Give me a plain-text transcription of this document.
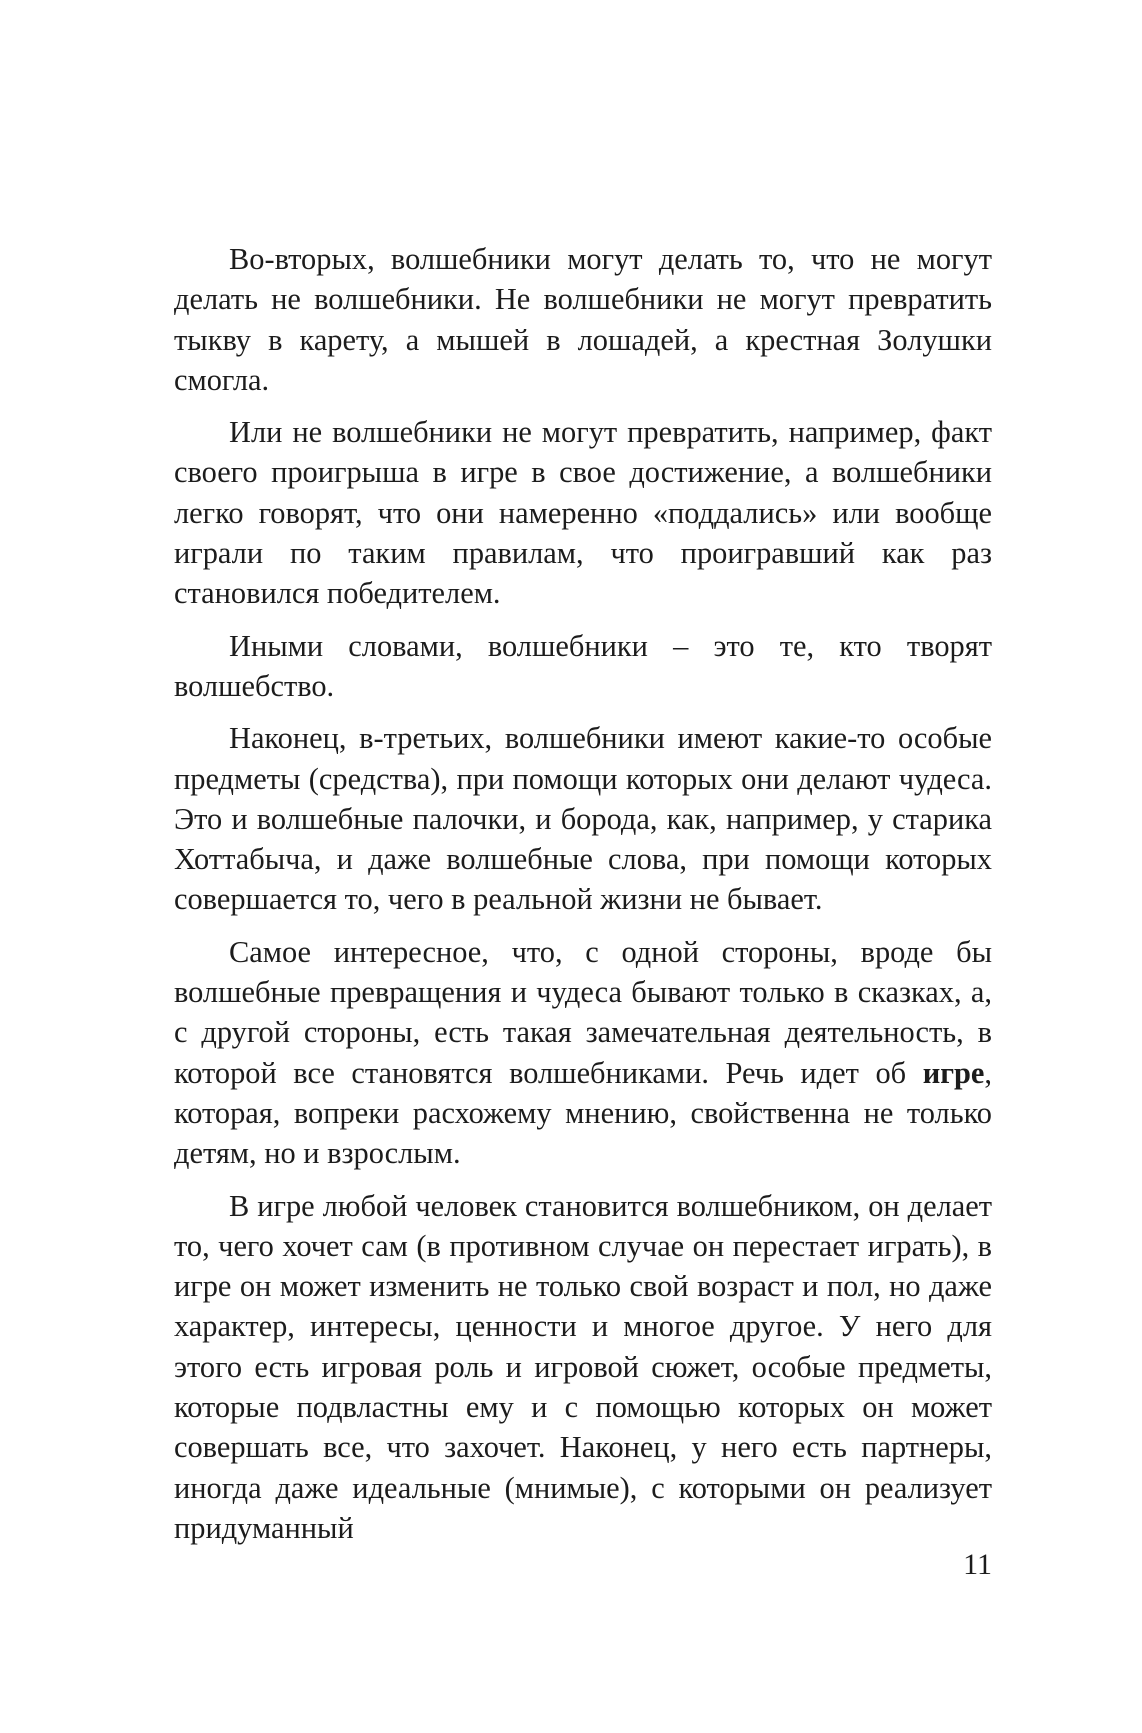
Во-вторых, волшебники могут делать то, что не могут делать не волшебники. Не волшебники не могут превратить тыкву в карету, а мышей в лошадей, а крестная Золушки смогла.

Или не волшебники не могут превратить, например, факт своего проигрыша в игре в свое достижение, а волшебники легко говорят, что они намеренно «поддались» или вообще играли по таким правилам, что проигравший как раз становился победителем.

Иными словами, волшебники – это те, кто творят волшебство.

Наконец, в-третьих, волшебники имеют какие-то особые предметы (средства), при помощи которых они делают чудеса. Это и волшебные палочки, и борода, как, например, у старика Хоттабыча, и даже волшебные слова, при помощи которых совершается то, чего в реальной жизни не бывает.

Самое интересное, что, с одной стороны, вроде бы волшебные превращения и чудеса бывают только в сказках, а, с другой стороны, есть такая замечательная деятельность, в которой все становятся волшебниками. Речь идет об игре, которая, вопреки расхожему мнению, свойственна не только детям, но и взрослым.

В игре любой человек становится волшебником, он делает то, чего хочет сам (в противном случае он перестает играть), в игре он может изменить не только свой возраст и пол, но даже характер, интересы, ценности и многое другое. У него для этого есть игровая роль и игровой сюжет, особые предметы, которые подвластны ему и с помощью которых он может совершать все, что захочет. Наконец, у него есть партнеры, иногда даже идеальные (мнимые), с которыми он реализует придуманный

11
